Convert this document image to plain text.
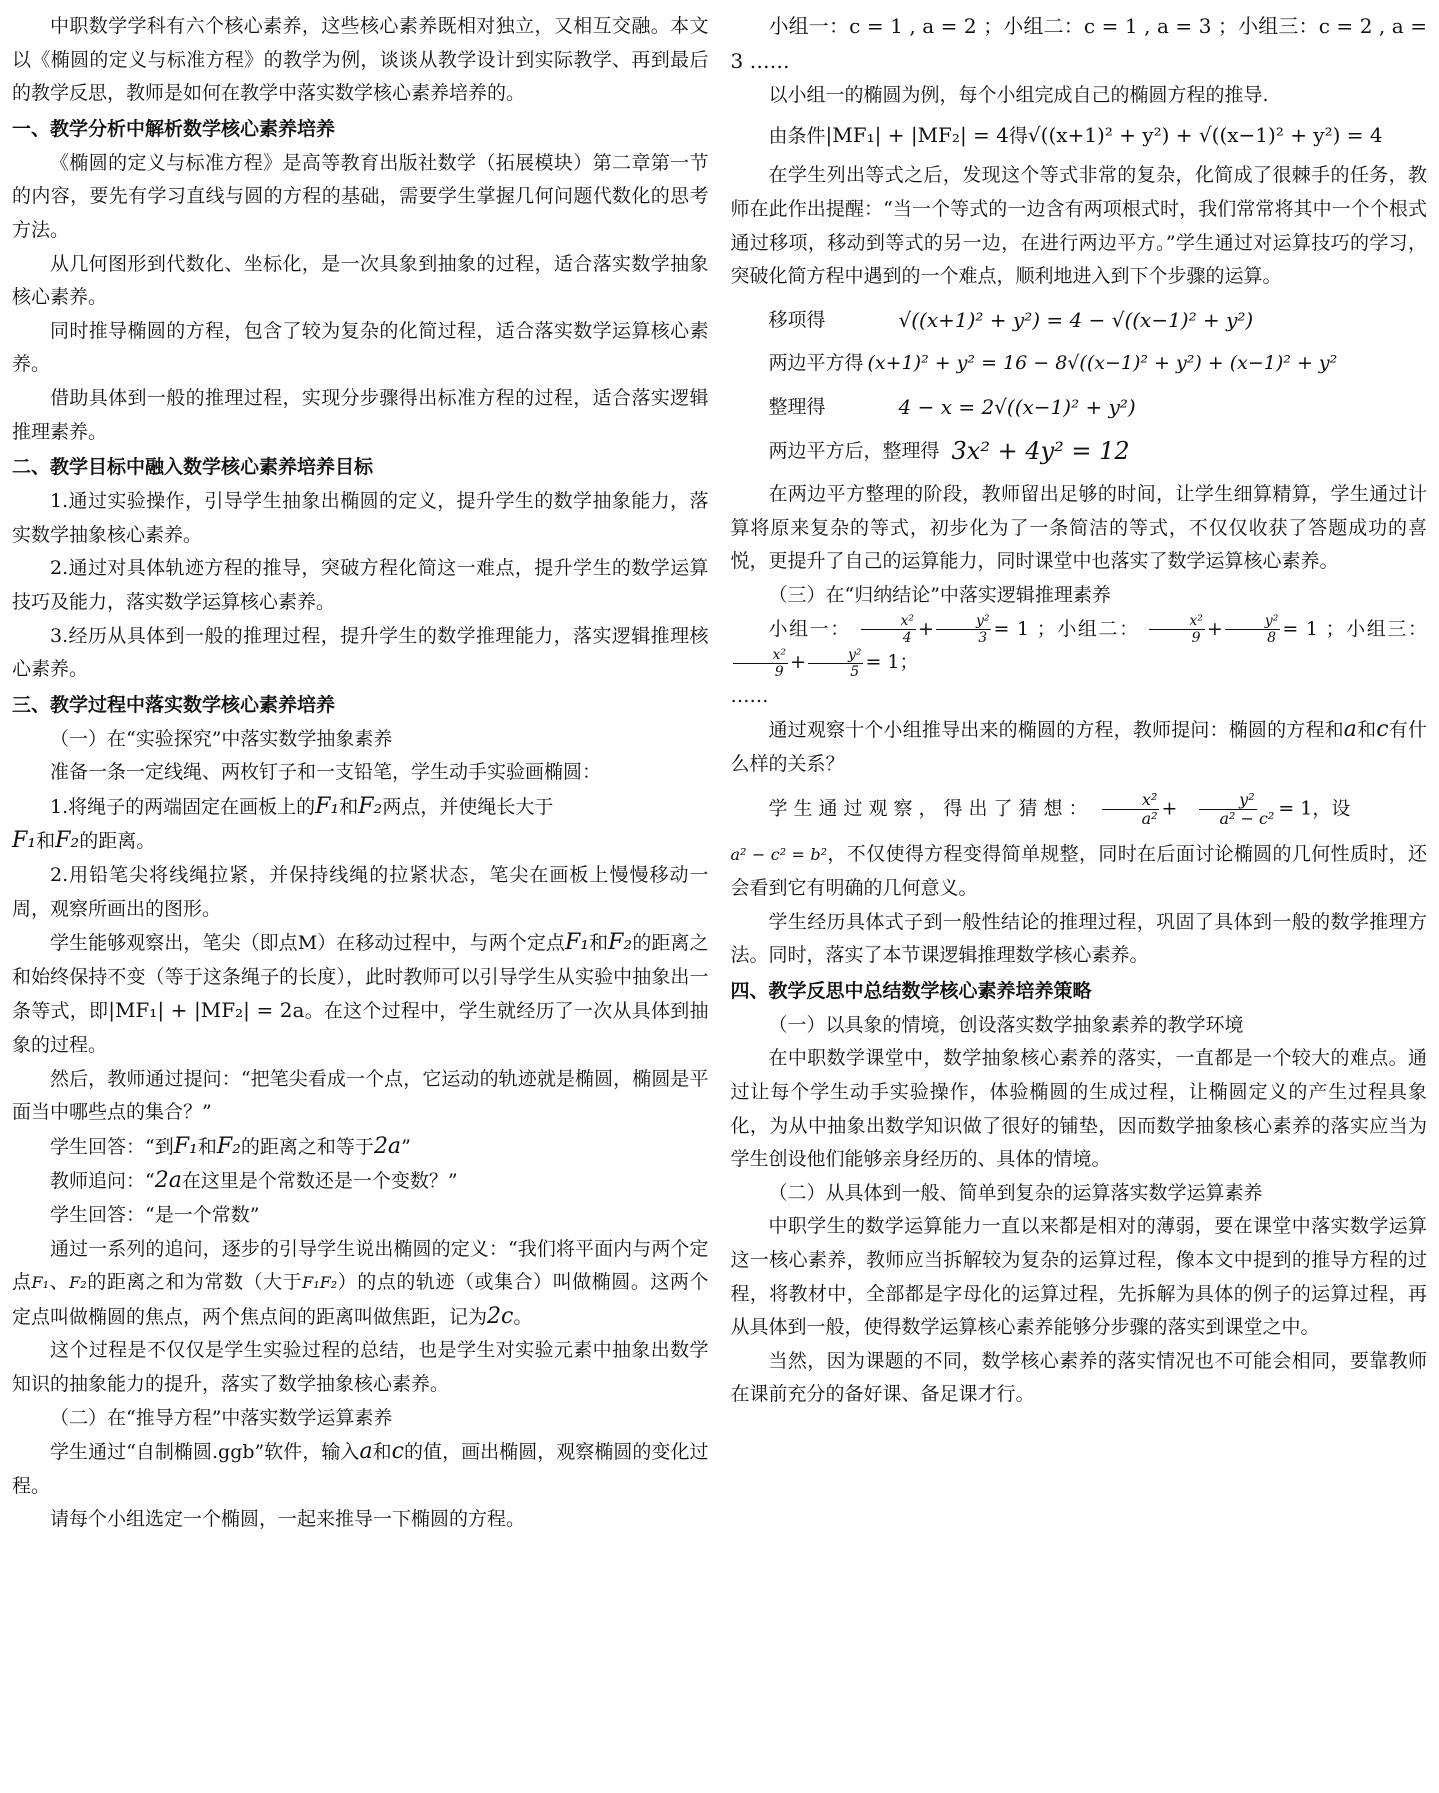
中职数学学科有六个核心素养，这些核心素养既相对独立，又相互交融。本文以《椭圆的定义与标准方程》的教学为例，谈谈从教学设计到实际教学、再到最后的教学反思，教师是如何在教学中落实数学核心素养培养的。

一、教学分析中解析数学核心素养培养

《椭圆的定义与标准方程》是高等教育出版社数学（拓展模块）第二章第一节的内容，要先有学习直线与圆的方程的基础，需要学生掌握几何问题代数化的思考方法。

从几何图形到代数化、坐标化，是一次具象到抽象的过程，适合落实数学抽象核心素养。

同时推导椭圆的方程，包含了较为复杂的化简过程，适合落实数学运算核心素养。

借助具体到一般的推理过程，实现分步骤得出标准方程的过程，适合落实逻辑推理素养。

二、教学目标中融入数学核心素养培养目标

1.通过实验操作，引导学生抽象出椭圆的定义，提升学生的数学抽象能力，落实数学抽象核心素养。

2.通过对具体轨迹方程的推导，突破方程化简这一难点，提升学生的数学运算技巧及能力，落实数学运算核心素养。

3.经历从具体到一般的推理过程，提升学生的数学推理能力，落实逻辑推理核心素养。

三、教学过程中落实数学核心素养培养

（一）在“实验探究”中落实数学抽象素养

准备一条一定线绳、两枚钉子和一支铅笔，学生动手实验画椭圆：

1.将绳子的两端固定在画板上的F₁和F₂两点，并使绳长大于
F₁和F₂的距离。

2.用铅笔尖将线绳拉紧，并保持线绳的拉紧状态，笔尖在画板上慢慢移动一周，观察所画出的图形。

学生能够观察出，笔尖（即点M）在移动过程中，与两个定点F₁和F₂的距离之和始终保持不变（等于这条绳子的长度），此时教师可以引导学生从实验中抽象出一条等式，即|MF₁| + |MF₂| = 2a。在这个过程中，学生就经历了一次从具体到抽象的过程。

然后，教师通过提问：“把笔尖看成一个点，它运动的轨迹就是椭圆，椭圆是平面当中哪些点的集合？”

学生回答：“到F₁和F₂的距离之和等于2a”

教师追问：“2a在这里是个常数还是一个变数？”

学生回答：“是一个常数”

通过一系列的追问，逐步的引导学生说出椭圆的定义：“我们将平面内与两个定点F₁、F₂的距离之和为常数（大于F₁F₂）的点的轨迹（或集合）叫做椭圆。这两个定点叫做椭圆的焦点，两个焦点间的距离叫做焦距，记为2c。

这个过程是不仅仅是学生实验过程的总结，也是学生对实验元素中抽象出数学知识的抽象能力的提升，落实了数学抽象核心素养。

（二）在“推导方程”中落实数学运算素养

学生通过“自制椭圆.ggb”软件，输入a和c的值，画出椭圆，观察椭圆的变化过程。

请每个小组选定一个椭圆，一起来推导一下椭圆的方程。

小组一：c = 1 , a = 2 ；小组二：c = 1 , a = 3 ；小组三：c = 2 , a = 3 ……

以小组一的椭圆为例，每个小组完成自己的椭圆方程的推导.

由条件|MF₁| + |MF₂| = 4得√((x+1)² + y²) + √((x−1)² + y²) = 4

在学生列出等式之后，发现这个等式非常的复杂，化简成了很棘手的任务，教师在此作出提醒：“当一个等式的一边含有两项根式时，我们常常将其中一个个根式通过移项，移动到等式的另一边，在进行两边平方。”学生通过对运算技巧的学习，突破化简方程中遇到的一个难点，顺利地进入到下个步骤的运算。

移项得	√((x+1)² + y²) = 4 − √((x−1)² + y²)
两边平方得 (x+1)² + y² = 16 − 8√((x−1)² + y²) + (x−1)² + y²
整理得	4 − x = 2√((x−1)² + y²)
两边平方后，整理得 3x² + 4y² = 12

在两边平方整理的阶段，教师留出足够的时间，让学生细算精算，学生通过计算将原来复杂的等式，初步化为了一条简洁的等式，不仅仅收获了答题成功的喜悦，更提升了自己的运算能力，同时课堂中也落实了数学运算核心素养。

（三）在“归纳结论”中落实逻辑推理素养

小组一： $\frac{\text{x²}}{4} + \frac{\text{y²}}{3} = 1$ ；小组二： $\frac{\text{x²}}{9} + \frac{\text{y²}}{8} = 1$ ；小组三：
$\frac{\text{x²}}{9} + \frac{\text{y²}}{5} = 1$；

……

通过观察十个小组推导出来的椭圆的方程，教师提问：椭圆的方程和a和c有什么样的关系？

学生通过观察，得出了猜想： $\frac{\text{x²}}{\text{a²}} + \frac{\text{y²}}{\text{a² − c²}} = 1$，设

a² − c² = b²，不仅使得方程变得简单规整，同时在后面讨论椭圆的几何性质时，还会看到它有明确的几何意义。

学生经历具体式子到一般性结论的推理过程，巩固了具体到一般的数学推理方法。同时，落实了本节课逻辑推理数学核心素养。

四、教学反思中总结数学核心素养培养策略

（一）以具象的情境，创设落实数学抽象素养的教学环境

在中职数学课堂中，数学抽象核心素养的落实，一直都是一个较大的难点。通过让每个学生动手实验操作，体验椭圆的生成过程，让椭圆定义的产生过程具象化，为从中抽象出数学知识做了很好的铺垫，因而数学抽象核心素养的落实应当为学生创设他们能够亲身经历的、具体的情境。

（二）从具体到一般、简单到复杂的运算落实数学运算素养

中职学生的数学运算能力一直以来都是相对的薄弱，要在课堂中落实数学运算这一核心素养，教师应当拆解较为复杂的运算过程，像本文中提到的推导方程的过程，将教材中，全部都是字母化的运算过程，先拆解为具体的例子的运算过程，再从具体到一般，使得数学运算核心素养能够分步骤的落实到课堂之中。

当然，因为课题的不同，数学核心素养的落实情况也不可能会相同，要靠教师在课前充分的备好课、备足课才行。
